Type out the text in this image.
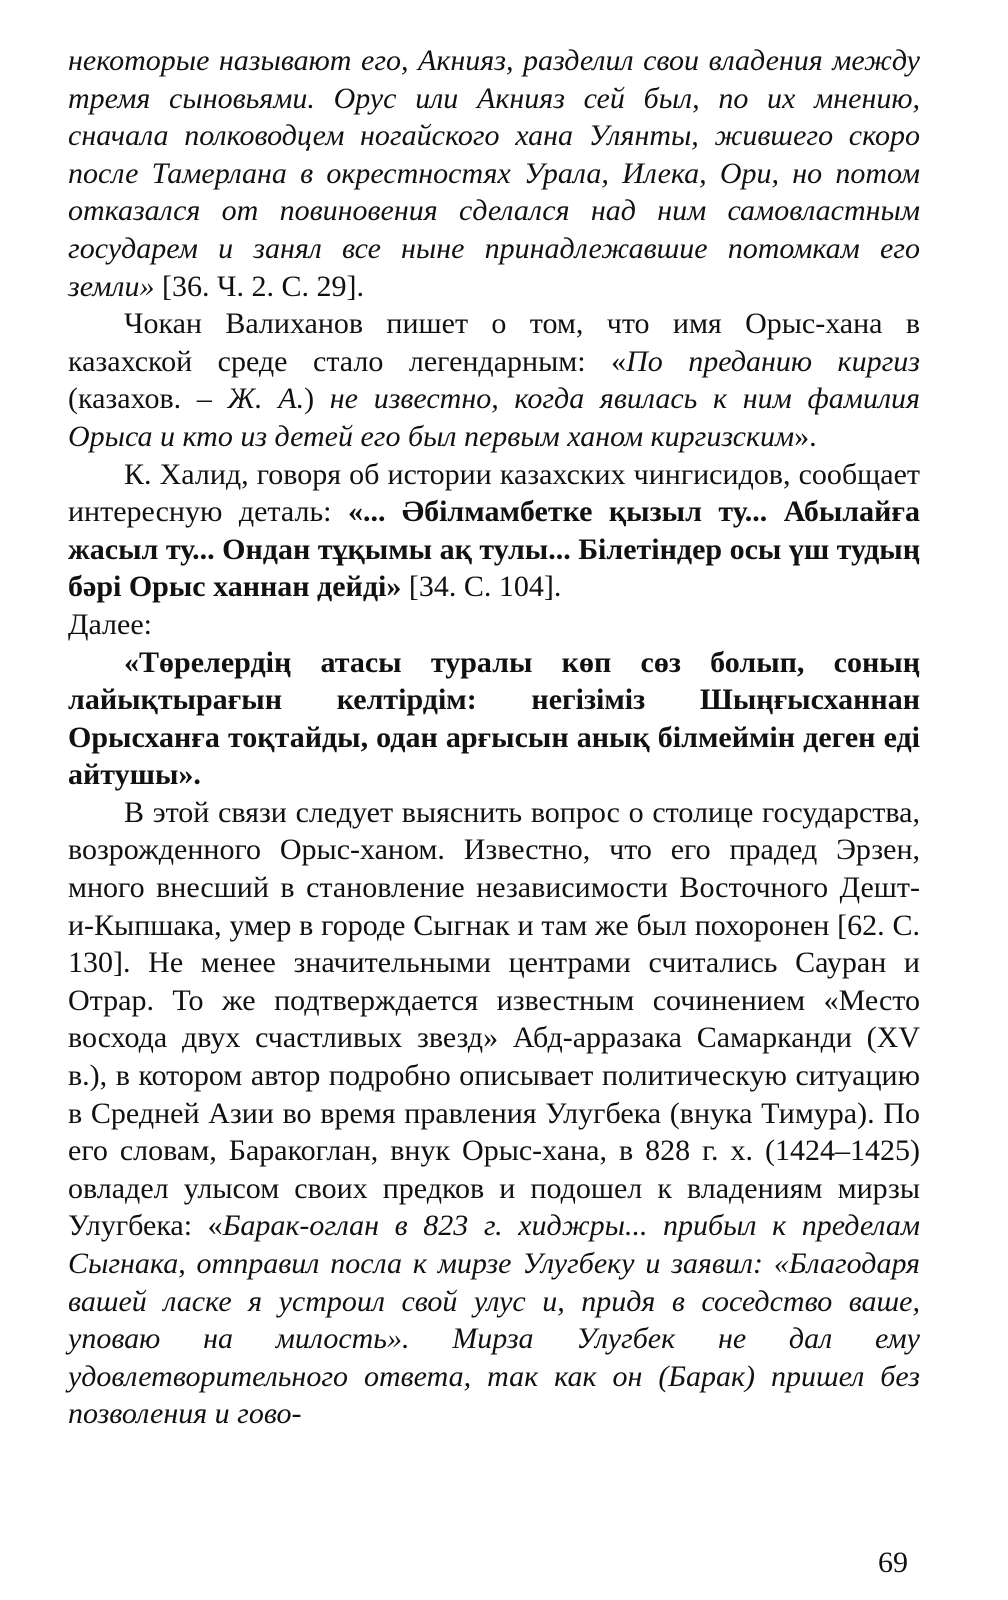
некоторые называют его, Акнияз, разделил свои владения между тремя сыновьями. Орус или Акнияз сей был, по их мнению, сначала полководцем ногайского хана Улянты, жившего скоро после Тамерлана в окрестностях Урала, Илека, Ори, но потом отказался от повиновения сделался над ним самовластным государем и занял все ныне принадлежавшие потомкам его земли» [36. Ч. 2. С. 29].

Чокан Валиханов пишет о том, что имя Орыс-хана в казахской среде стало легендарным: «По преданию киргиз (казахов. – Ж. А.) не известно, когда явилась к ним фамилия Орыса и кто из детей его был первым ханом киргизским».

К. Халид, говоря об истории казахских чингисидов, сообщает интересную деталь: «... Әбілмамбетке қызыл ту... Абылайға жасыл ту... Ондан тұқымы ақ тулы... Білетіндер осы үш тудың бәрі Орыс ханнан дейді» [34. С. 104].

Далее:

«Төрелердің атасы туралы көп сөз болып, соның лайықтырағын келтірдім: негізіміз Шыңғысханнан Орысханға тоқтайды, одан арғысын анық білмеймін деген еді айтушы».

В этой связи следует выяснить вопрос о столице государства, возрожденного Орыс-ханом. Известно, что его прадед Эрзен, много внесший в становление независимости Восточного Дешт-и-Кыпшака, умер в городе Сыгнак и там же был похоронен [62. С. 130]. Не менее значительными центрами считались Сауран и Отрар. То же подтверждается известным сочинением «Место восхода двух счастливых звезд» Абд-арразака Самарканди (XV в.), в котором автор подробно описывает политическую ситуацию в Средней Азии во время правления Улугбека (внука Тимура). По его словам, Баракоглан, внук Орыс-хана, в 828 г. х. (1424–1425) овладел улысом своих предков и подошел к владениям мирзы Улугбека: «Барак-оглан в 823 г. хиджры... прибыл к пределам Сыгнака, отправил посла к мирзе Улугбеку и заявил: «Благодаря вашей ласке я устроил свой улус и, придя в соседство ваше, уповаю на милость». Мирза Улугбек не дал ему удовлетворительного ответа, так как он (Барак) пришел без позволения и гово-

69
